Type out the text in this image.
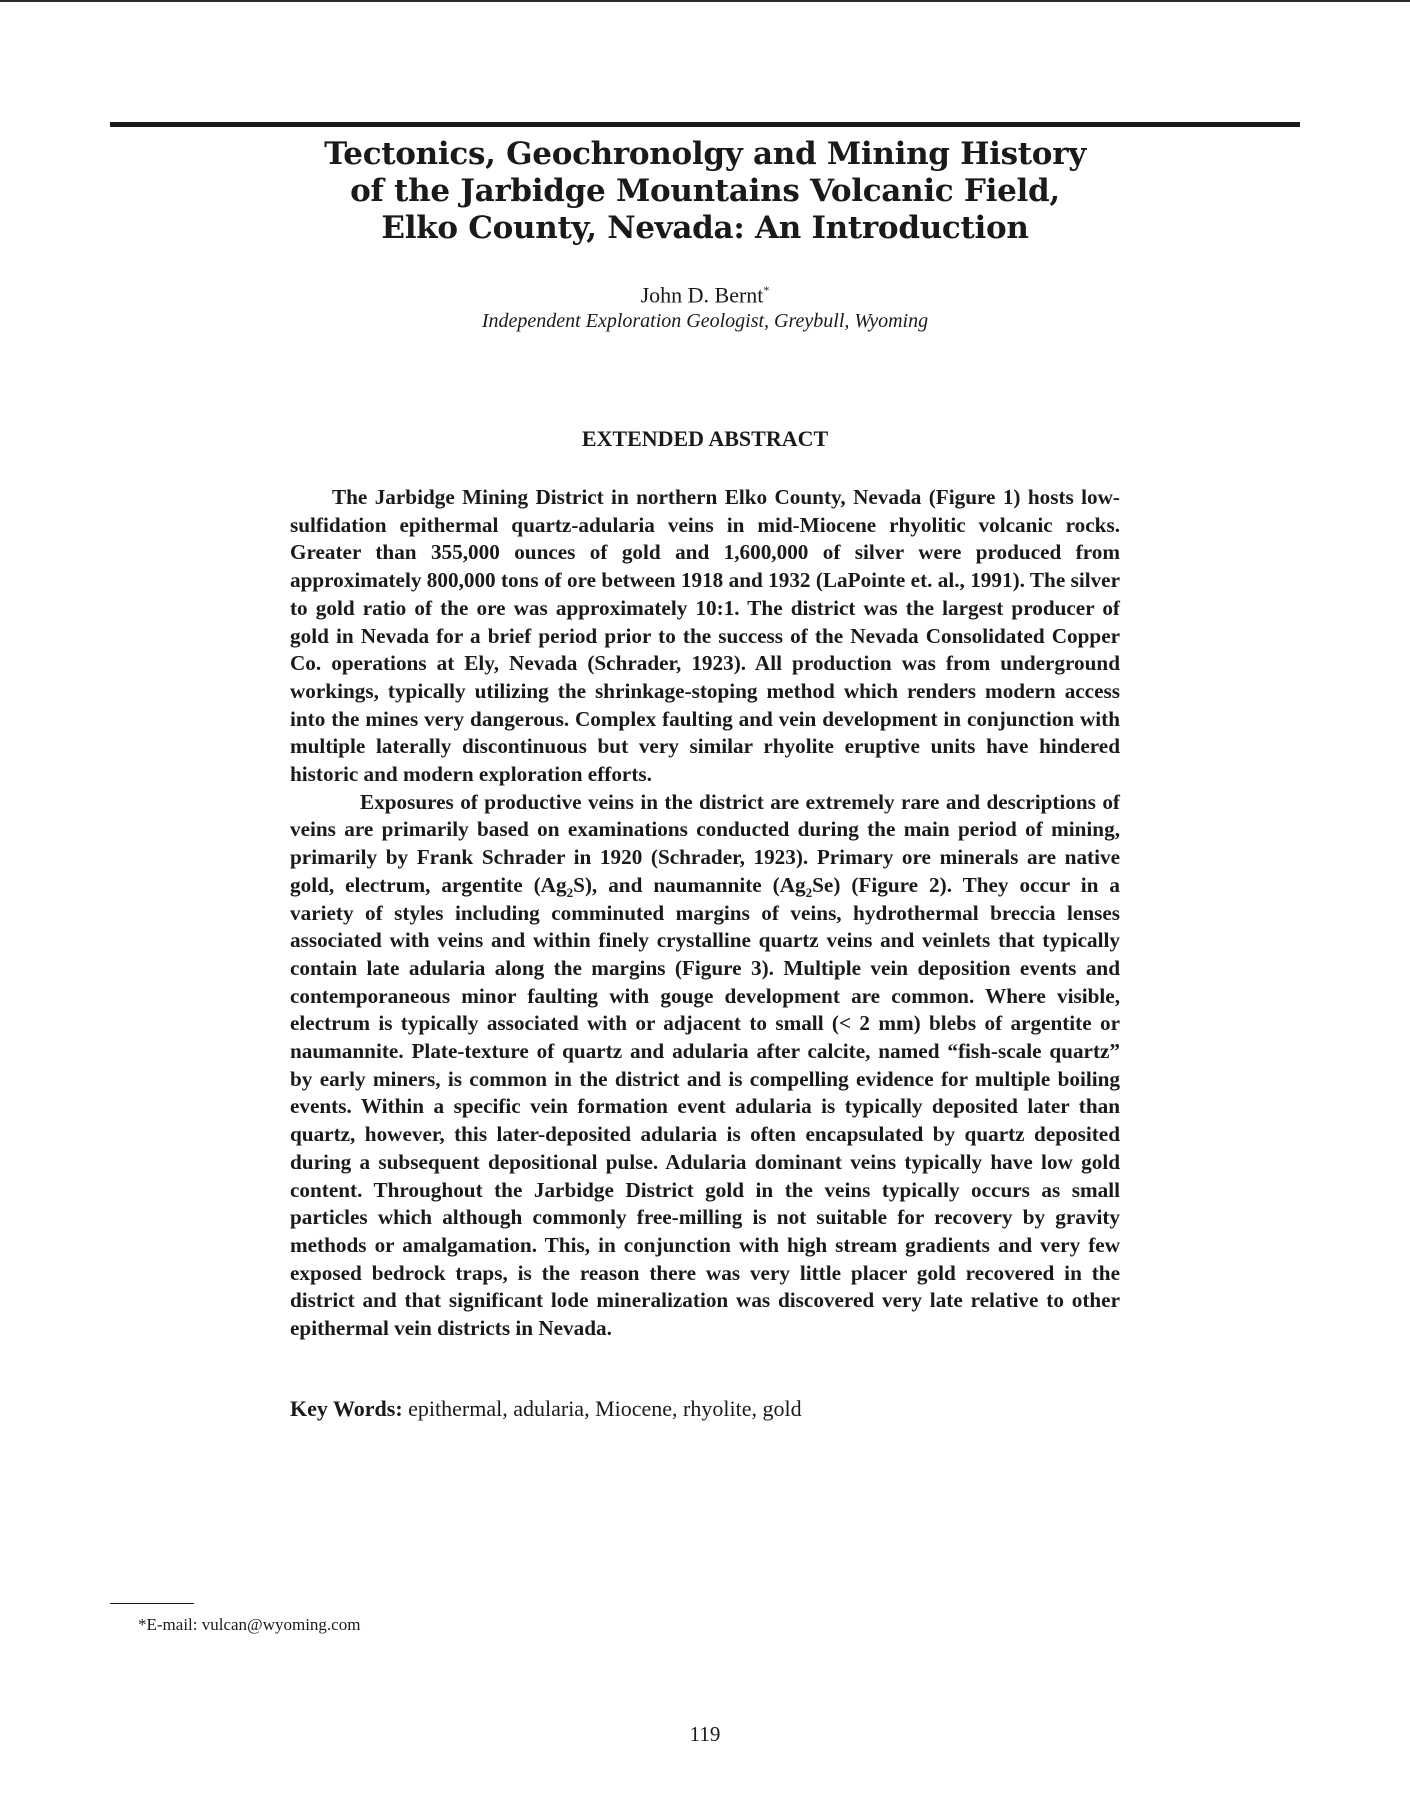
Tectonics, Geochronolgy and Mining History
of the Jarbidge Mountains Volcanic Field,
Elko County, Nevada: An Introduction
John D. Bernt*
Independent Exploration Geologist, Greybull, Wyoming
EXTENDED ABSTRACT

The Jarbidge Mining District in northern Elko County, Nevada (Figure 1) hosts low-sulfidation epithermal quartz-adularia veins in mid-Miocene rhyolitic volcanic rocks. Greater than 355,000 ounces of gold and 1,600,000 of silver were produced from approximately 800,000 tons of ore between 1918 and 1932 (LaPointe et. al., 1991). The silver to gold ratio of the ore was approximately 10:1. The district was the largest producer of gold in Nevada for a brief period prior to the success of the Nevada Consolidated Copper Co. operations at Ely, Nevada (Schrader, 1923). All production was from underground workings, typically utilizing the shrinkage-stoping method which renders modern access into the mines very dangerous. Complex faulting and vein development in conjunction with multiple laterally discontinuous but very similar rhyolite eruptive units have hindered historic and modern exploration efforts.

Exposures of productive veins in the district are extremely rare and descriptions of veins are primarily based on examinations conducted during the main period of mining, primarily by Frank Schrader in 1920 (Schrader, 1923). Primary ore minerals are native gold, electrum, argentite $(Ag_2S)$, and naumannite $(Ag_2Se)$ (Figure 2). They occur in a variety of styles including comminuted margins of veins, hydrothermal breccia lenses associated with veins and within finely crystalline quartz veins and veinlets that typically contain late adularia along the margins (Figure 3). Multiple vein deposition events and contemporaneous minor faulting with gouge development are common. Where visible, electrum is typically associated with or adjacent to small (< 2 mm) blebs of argentite or naumannite. Plate-texture of quartz and adularia after calcite, named “fish-scale quartz” by early miners, is common in the district and is compelling evidence for multiple boiling events. Within a specific vein formation event adularia is typically deposited later than quartz, however, this later-deposited adularia is often encapsulated by quartz deposited during a subsequent depositional pulse. Adularia dominant veins typically have low gold content. Throughout the Jarbidge District gold in the veins typically occurs as small particles which although commonly free-milling is not suitable for recovery by gravity methods or amalgamation. This, in conjunction with high stream gradients and very few exposed bedrock traps, is the reason there was very little placer gold recovered in the district and that significant lode mineralization was discovered very late relative to other epithermal vein districts in Nevada.

Key Words: epithermal, adularia, Miocene, rhyolite, gold
*E-mail: vulcan@wyoming.com
119
